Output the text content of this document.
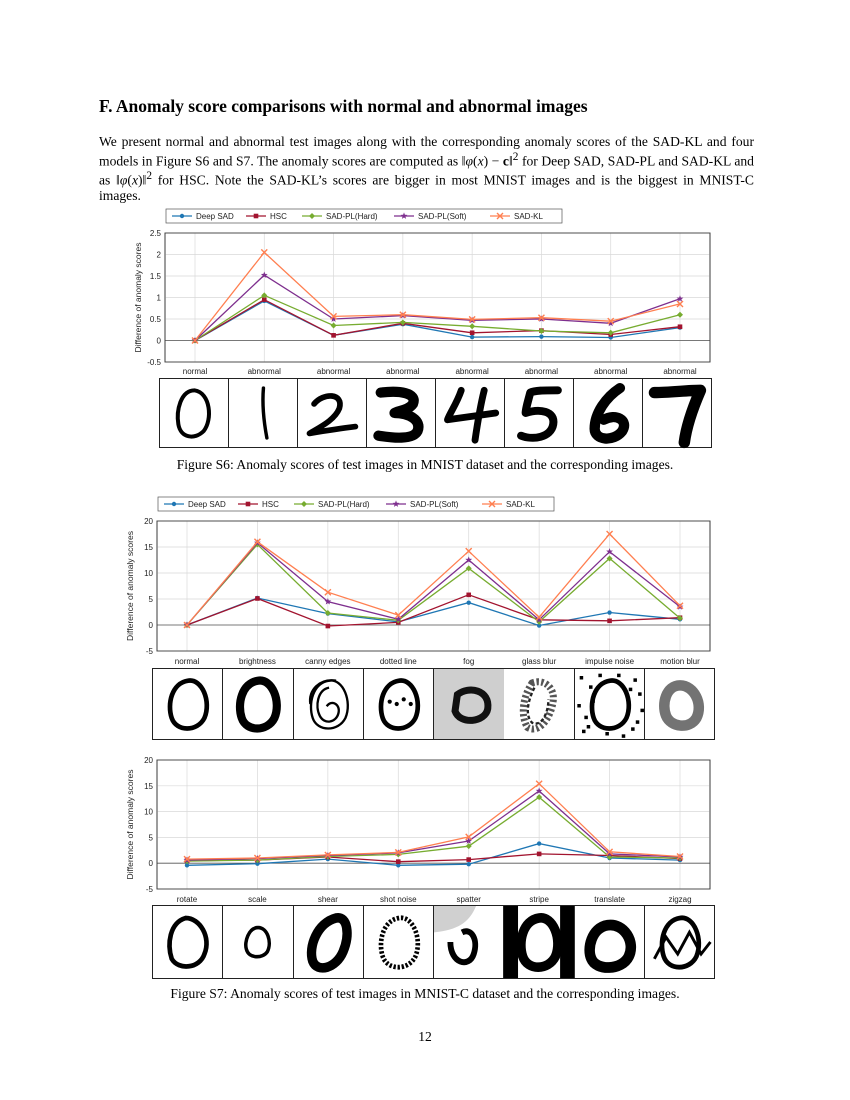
F. Anomaly score comparisons with normal and abnormal images

We present normal and abnormal test images along with the corresponding anomaly scores of the SAD-KL and four models in Figure S6 and S7. The anomaly scores are computed as ‖φ(x) − c‖$^2$ for Deep SAD, SAD-PL and SAD-KL and as ‖φ(x)‖$^2$ for HSC. Note the SAD-KL’s scores are bigger in most MNIST images and is the biggest in MNIST-C images.

-0.5
0
0.5
1
1.5
2
2.5
normal	abnormal	abnormal	abnormal	abnormal	abnormal	abnormal	abnormal
Difference of anomaly scores
Deep SAD	HSC	SAD-PL(Hard)	SAD-PL(Soft)	SAD-KL
Figure S6: Anomaly scores of test images in MNIST dataset and the corresponding images.
-5
0
5
10
15
20
normal	brightness	canny edges	dotted line	fog	glass blur	impulse noise	motion blur
Difference of anomaly scores
Deep SAD	HSC	SAD-PL(Hard)	SAD-PL(Soft)	SAD-KL
-5
0
5
10
15
20
rotate	scale	shear	shot noise	spatter	stripe	translate	zigzag
Difference of anomaly scores
Figure S7: Anomaly scores of test images in MNIST-C dataset and the corresponding images.
12
